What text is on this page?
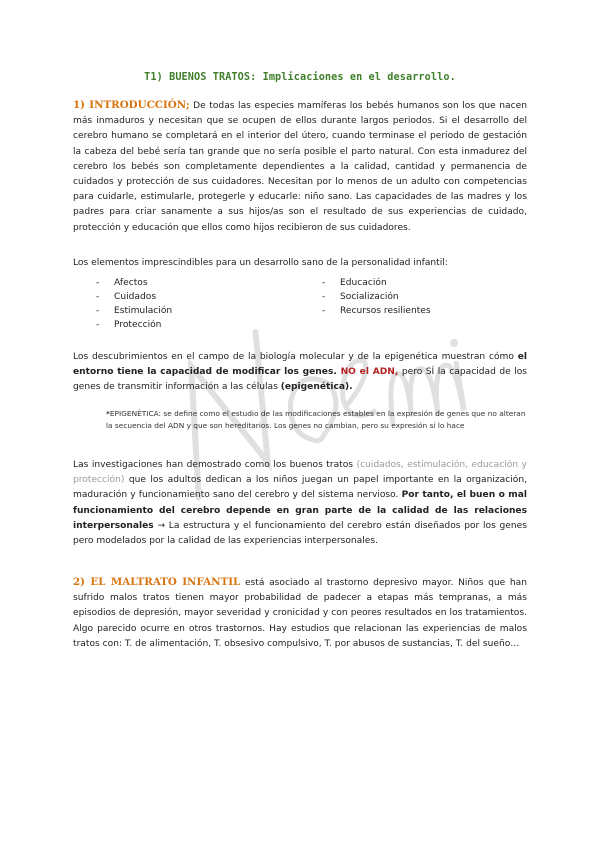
T1) BUENOS TRATOS: Implicaciones en el desarrollo.

1) INTRODUCCIÓN; De todas las especies mamíferas los bebés humanos son los que nacen más inmaduros y necesitan que se ocupen de ellos durante largos periodos. Si el desarrollo del cerebro humano se completará en el interior del útero, cuando terminase el periodo de gestación la cabeza del bebé sería tan grande que no sería posible el parto natural. Con esta inmadurez del cerebro los bebés son completamente dependientes a la calidad, cantidad y permanencia de cuidados y protección de sus cuidadores. Necesitan por lo menos de un adulto con competencias para cuidarle, estimularle, protegerle y educarle: niño sano. Las capacidades de las madres y los padres para criar sanamente a sus hijos/as son el resultado de sus experiencias de cuidado, protección y educación que ellos como hijos recibieron de sus cuidadores.

Los elementos imprescindibles para un desarrollo sano de la personalidad infantil:

- Afectos
- Cuidados
- Estimulación
- Protección
- Educación
- Socialización
- Recursos resilientes

Los descubrimientos en el campo de la biología molecular y de la epigenética muestran cómo el entorno tiene la capacidad de modificar los genes. NO el ADN, pero SÍ la capacidad de los genes de transmitir información a las células (epigenética).

*EPIGENÉTICA: se define como el estudio de las modificaciones estables en la expresión de genes que no alteran la secuencia del ADN y que son hereditarios. Los genes no cambian, pero su expresión sí lo hace

Las investigaciones han demostrado como los buenos tratos (cuidados, estimulación, educación y protección) que los adultos dedican a los niños juegan un papel importante en la organización, maduración y funcionamiento sano del cerebro y del sistema nervioso. Por tanto, el buen o mal funcionamiento del cerebro depende en gran parte de la calidad de las relaciones interpersonales → La estructura y el funcionamiento del cerebro están diseñados por los genes pero modelados por la calidad de las experiencias interpersonales.

2) EL MALTRATO INFANTIL está asociado al trastorno depresivo mayor. Niños que han sufrido malos tratos tienen mayor probabilidad de padecer a etapas más tempranas, a más episodios de depresión, mayor severidad y cronicidad y con peores resultados en los tratamientos. Algo parecido ocurre en otros trastornos. Hay estudios que relacionan las experiencias de malos tratos con: T. de alimentación, T. obsesivo compulsivo, T. por abusos de sustancias, T. del sueño…
